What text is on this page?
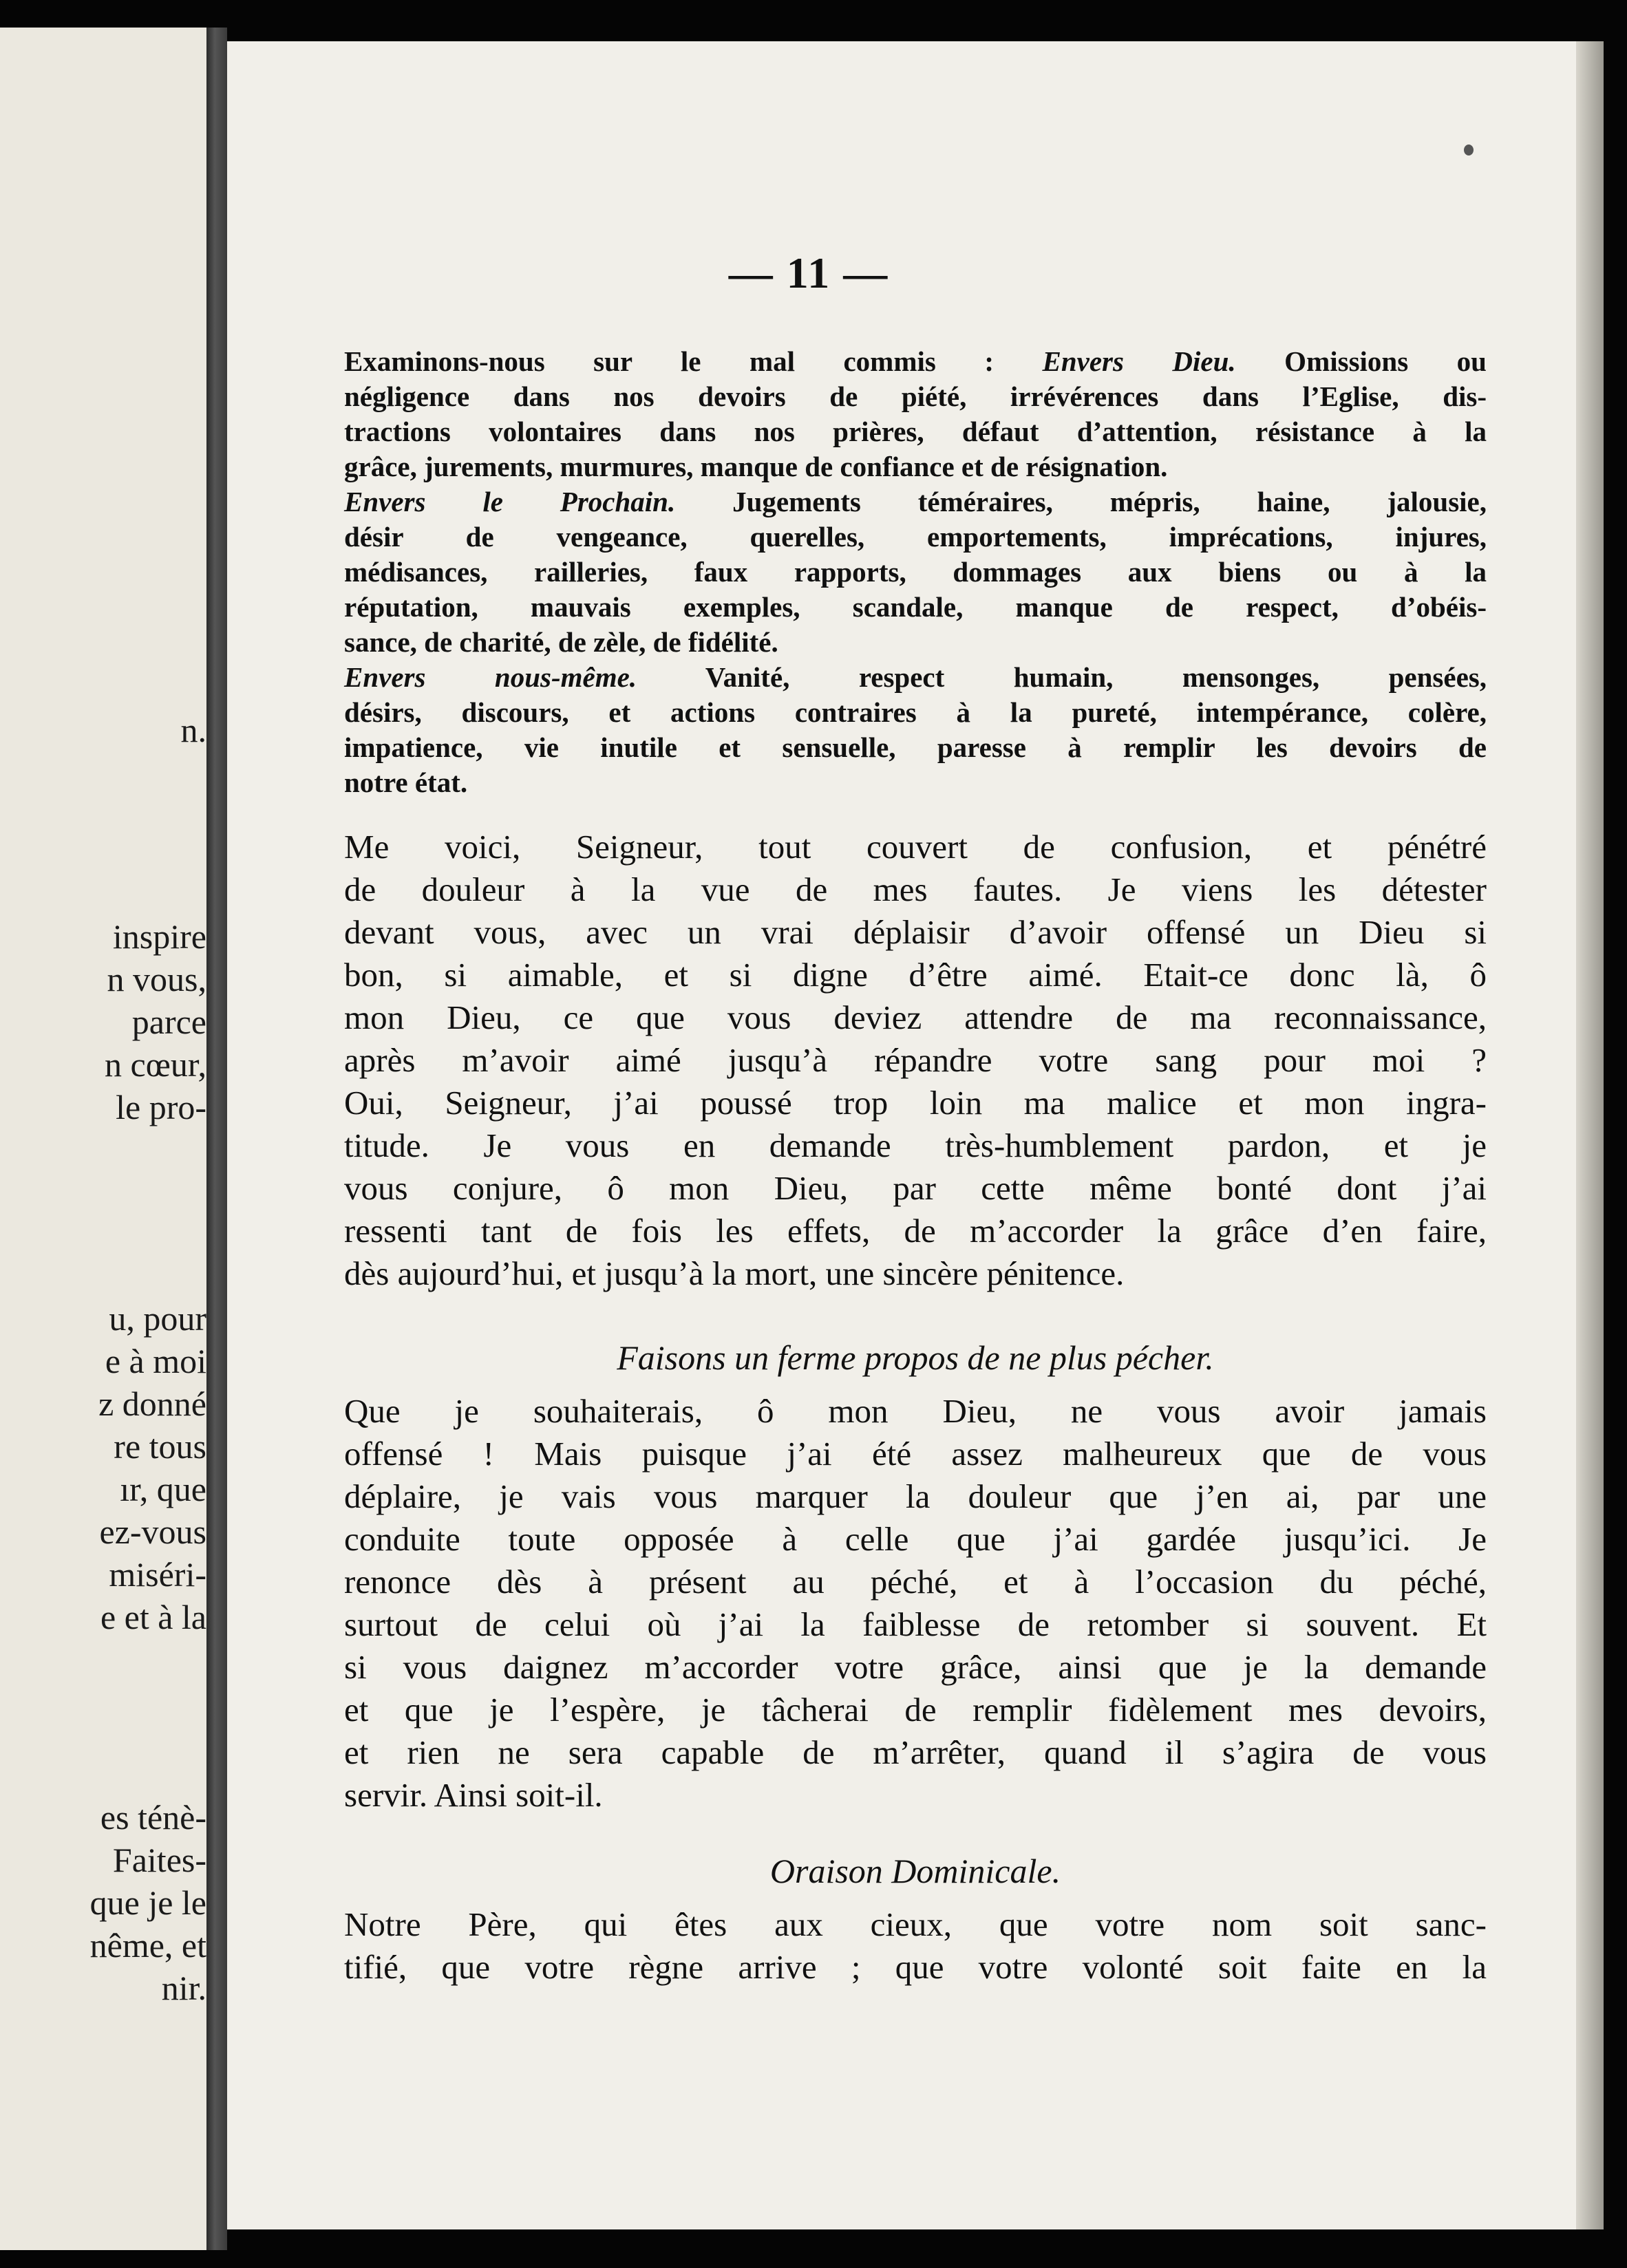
n.
inspire
n vous,
parce
n cœur,
le pro-
u, pour
e à moi
z donné
re tous
ır, que
ez-vous
miséri-
e et à la
es ténè-
Faites-
que je le
nême, et
nir.
— 11 —
Examinons-nous sur le mal commis : Envers Dieu. Omissions ou
négligence dans nos devoirs de piété, irrévérences dans l’Eglise, dis-
tractions volontaires dans nos prières, défaut d’attention, résistance à la
grâce, jurements, murmures, manque de confiance et de résignation.
Envers le Prochain. Jugements téméraires, mépris, haine, jalousie,
désir de vengeance, querelles, emportements, imprécations, injures,
médisances, railleries, faux rapports, dommages aux biens ou à la
réputation, mauvais exemples, scandale, manque de respect, d’obéis-
sance, de charité, de zèle, de fidélité.
Envers nous-même. Vanité, respect humain, mensonges, pensées,
désirs, discours, et actions contraires à la pureté, intempérance, colère,
impatience, vie inutile et sensuelle, paresse à remplir les devoirs de
notre état.
Me voici, Seigneur, tout couvert de confusion, et pénétré
de douleur à la vue de mes fautes. Je viens les détester
devant vous, avec un vrai déplaisir d’avoir offensé un Dieu si
bon, si aimable, et si digne d’être aimé. Etait-ce donc là, ô
mon Dieu, ce que vous deviez attendre de ma reconnaissance,
après m’avoir aimé jusqu’à répandre votre sang pour moi ?
Oui, Seigneur, j’ai poussé trop loin ma malice et mon ingra-
titude. Je vous en demande très-humblement pardon, et je
vous conjure, ô mon Dieu, par cette même bonté dont j’ai
ressenti tant de fois les effets, de m’accorder la grâce d’en faire,
dès aujourd’hui, et jusqu’à la mort, une sincère pénitence.
Faisons un ferme propos de ne plus pécher.
Que je souhaiterais, ô mon Dieu, ne vous avoir jamais
offensé ! Mais puisque j’ai été assez malheureux que de vous
déplaire, je vais vous marquer la douleur que j’en ai, par une
conduite toute opposée à celle que j’ai gardée jusqu’ici. Je
renonce dès à présent au péché, et à l’occasion du péché,
surtout de celui où j’ai la faiblesse de retomber si souvent. Et
si vous daignez m’accorder votre grâce, ainsi que je la demande
et que je l’espère, je tâcherai de remplir fidèlement mes devoirs,
et rien ne sera capable de m’arrêter, quand il s’agira de vous
servir. Ainsi soit-il.
Oraison Dominicale.
Notre Père, qui êtes aux cieux, que votre nom soit sanc-
tifié, que votre règne arrive ; que votre volonté soit faite en la
